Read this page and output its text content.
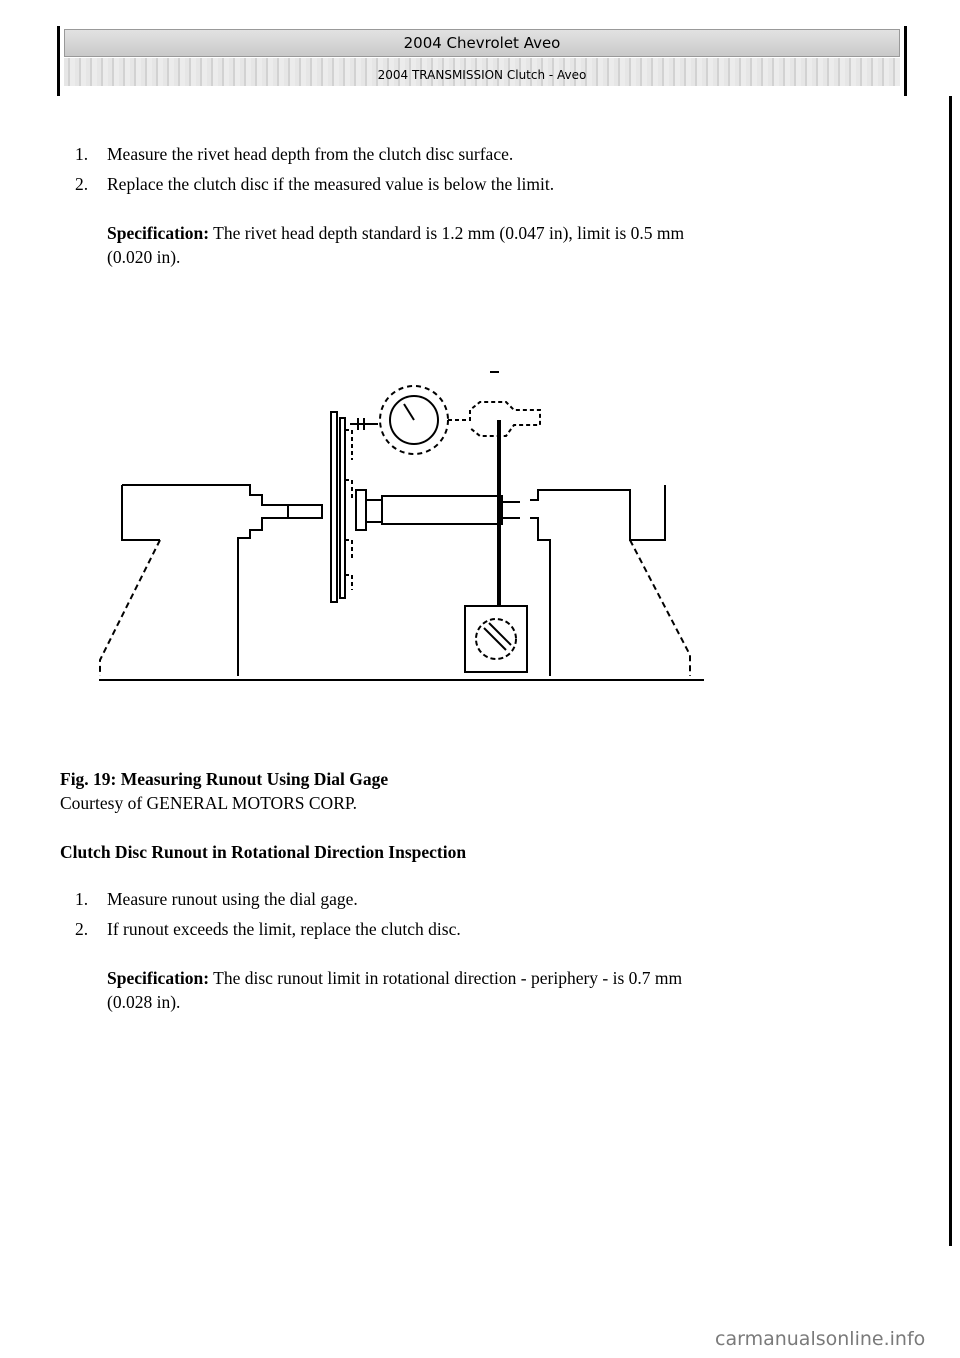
2004 Chevrolet Aveo
2004 TRANSMISSION Clutch - Aveo
1. Measure the rivet head depth from the clutch disc surface.
2. Replace the clutch disc if the measured value is below the limit.
Specification: The rivet head depth standard is 1.2 mm (0.047 in), limit is 0.5 mm
(0.020 in).
Fig. 19: Measuring Runout Using Dial Gage
Courtesy of GENERAL MOTORS CORP.
Clutch Disc Runout in Rotational Direction Inspection
1. Measure runout using the dial gage.
2. If runout exceeds the limit, replace the clutch disc.
Specification: The disc runout limit in rotational direction - periphery - is 0.7 mm
(0.028 in).
carmanualsonline.info
